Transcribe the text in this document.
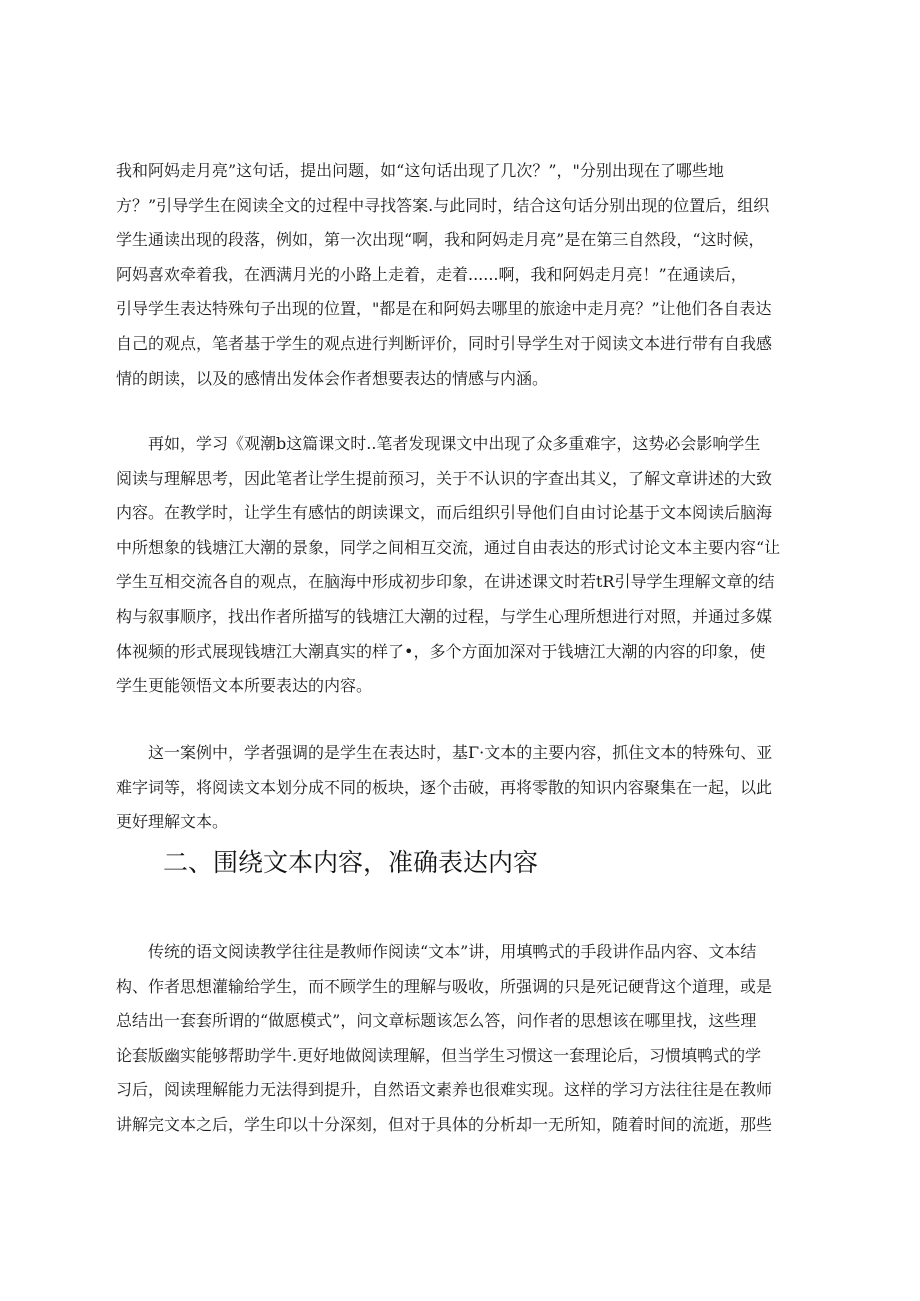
我和阿妈走月亮”这句话，提出问题，如“这句话出现了几次？”，"分别出现在了哪些地
方？”引导学生在阅读全文的过程中寻找答案.与此同时，结合这句话分别出现的位置后，组织
学生通读出现的段落，例如，第一次出现“啊，我和阿妈走月亮”是在第三自然段，“这时候，
阿妈喜欢牵着我，在洒满月光的小路上走着，走着......啊，我和阿妈走月亮！”在通读后，
引导学生表达特殊句子出现的位置，"都是在和阿妈去哪里的旅途中走月亮？”让他们各自表达
自己的观点，笔者基于学生的观点进行判断评价，同时引导学生对于阅读文本进行带有自我感
情的朗读，以及的感情出发体会作者想要表达的情感与内涵。
再如，学习《观潮b这篇课文时..笔者发现课文中出现了众多重难字，这势必会影响学生
阅读与理解思考，因此笔者让学生提前预习，关于不认识的字查出其义，了解文章讲述的大致
内容。在教学时，让学生有感怙的朗读课文，而后组织引导他们自由讨论基于文本阅读后脑海
中所想象的钱塘江大潮的景象，同学之间相互交流，通过自由表达的形式讨论文本主要内容“让
学生互相交流各自的观点，在脑海中形成初步印象，在讲述课文时若tR引导学生理解文章的结
构与叙事顺序，找出作者所描写的钱塘江大潮的过程，与学生心理所想进行对照，并通过多媒
体视频的形式展现钱塘江大潮真实的样了•，多个方面加深对于钱塘江大潮的内容的印象，使
学生更能领悟文本所要表达的内容。
这一案例中，学者强调的是学生在表达时，基Γ·文本的主要内容，抓住文本的特殊句、亚
难字词等，将阅读文本划分成不同的板块，逐个击破，再将零散的知识内容聚集在一起，以此
更好理解文本。
二、围绕文本内容，准确表达内容
传统的语文阅读教学往往是教师作阅读“文本”讲，用填鸭式的手段讲作品内容、文本结
构、作者思想灌输给学生，而不顾学生的理解与吸收，所强调的只是死记硬背这个道理，或是
总结出一套套所谓的“做愿模式”，问文章标题该怎么答，问作者的思想该在哪里找，这些理
论套版幽实能够帮助学牛.更好地做阅读理解，但当学生习惯这一套理论后，习惯填鸭式的学
习后，阅读理解能力无法得到提升，自然语文素养也很难实现。这样的学习方法往往是在教师
讲解完文本之后，学生印以十分深刻，但对于具体的分析却一无所知，随着时间的流逝，那些
